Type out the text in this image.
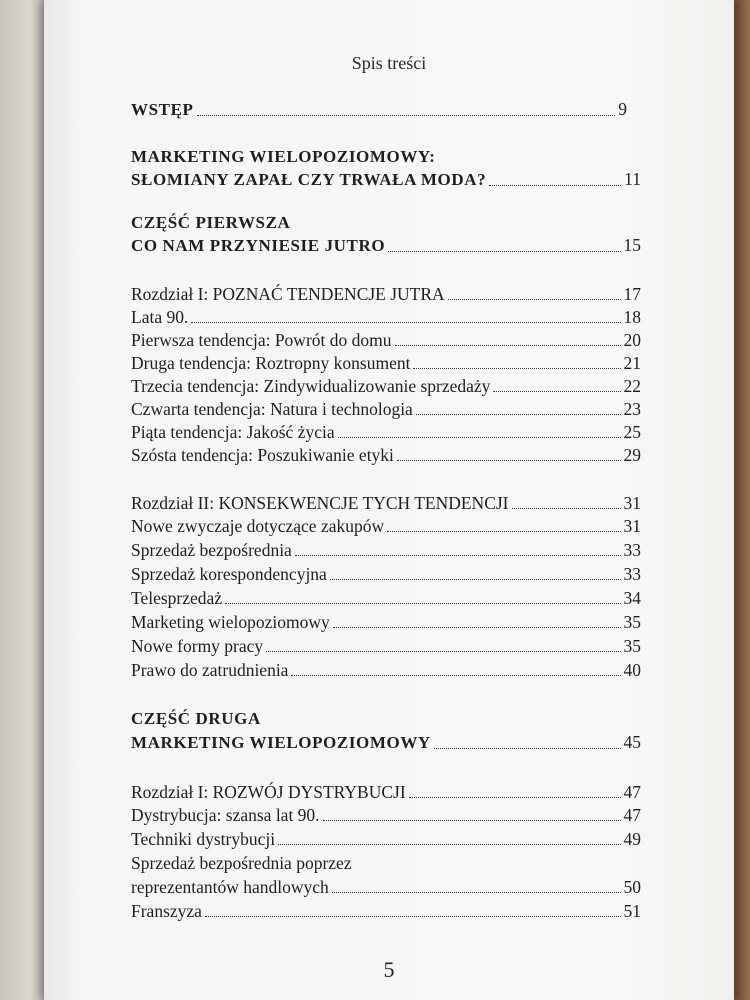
Spis treści
WSTĘP	9
MARKETING WIELOPOZIOMOWY:
SŁOMIANY ZAPAŁ CZY TRWAŁA MODA?	11
CZĘŚĆ PIERWSZA
CO NAM PRZYNIESIE JUTRO	15
Rozdział I: POZNAĆ TENDENCJE JUTRA	17
Lata 90.	18
Pierwsza tendencja: Powrót do domu	20
Druga tendencja: Roztropny konsument	21
Trzecia tendencja: Zindywidualizowanie sprzedaży	22
Czwarta tendencja: Natura i technologia	23
Piąta tendencja: Jakość życia	25
Szósta tendencja: Poszukiwanie etyki	29
Rozdział II: KONSEKWENCJE TYCH TENDENCJI	31
Nowe zwyczaje dotyczące zakupów	31
Sprzedaż bezpośrednia	33
Sprzedaż korespondencyjna	33
Telesprzedaż	34
Marketing wielopoziomowy	35
Nowe formy pracy	35
Prawo do zatrudnienia	40
CZĘŚĆ DRUGA
MARKETING WIELOPOZIOMOWY	45
Rozdział I: ROZWÓJ DYSTRYBUCJI	47
Dystrybucja: szansa lat 90.	47
Techniki dystrybucji	49
Sprzedaż bezpośrednia poprzez
reprezentantów handlowych	50
Franszyza	51
5
